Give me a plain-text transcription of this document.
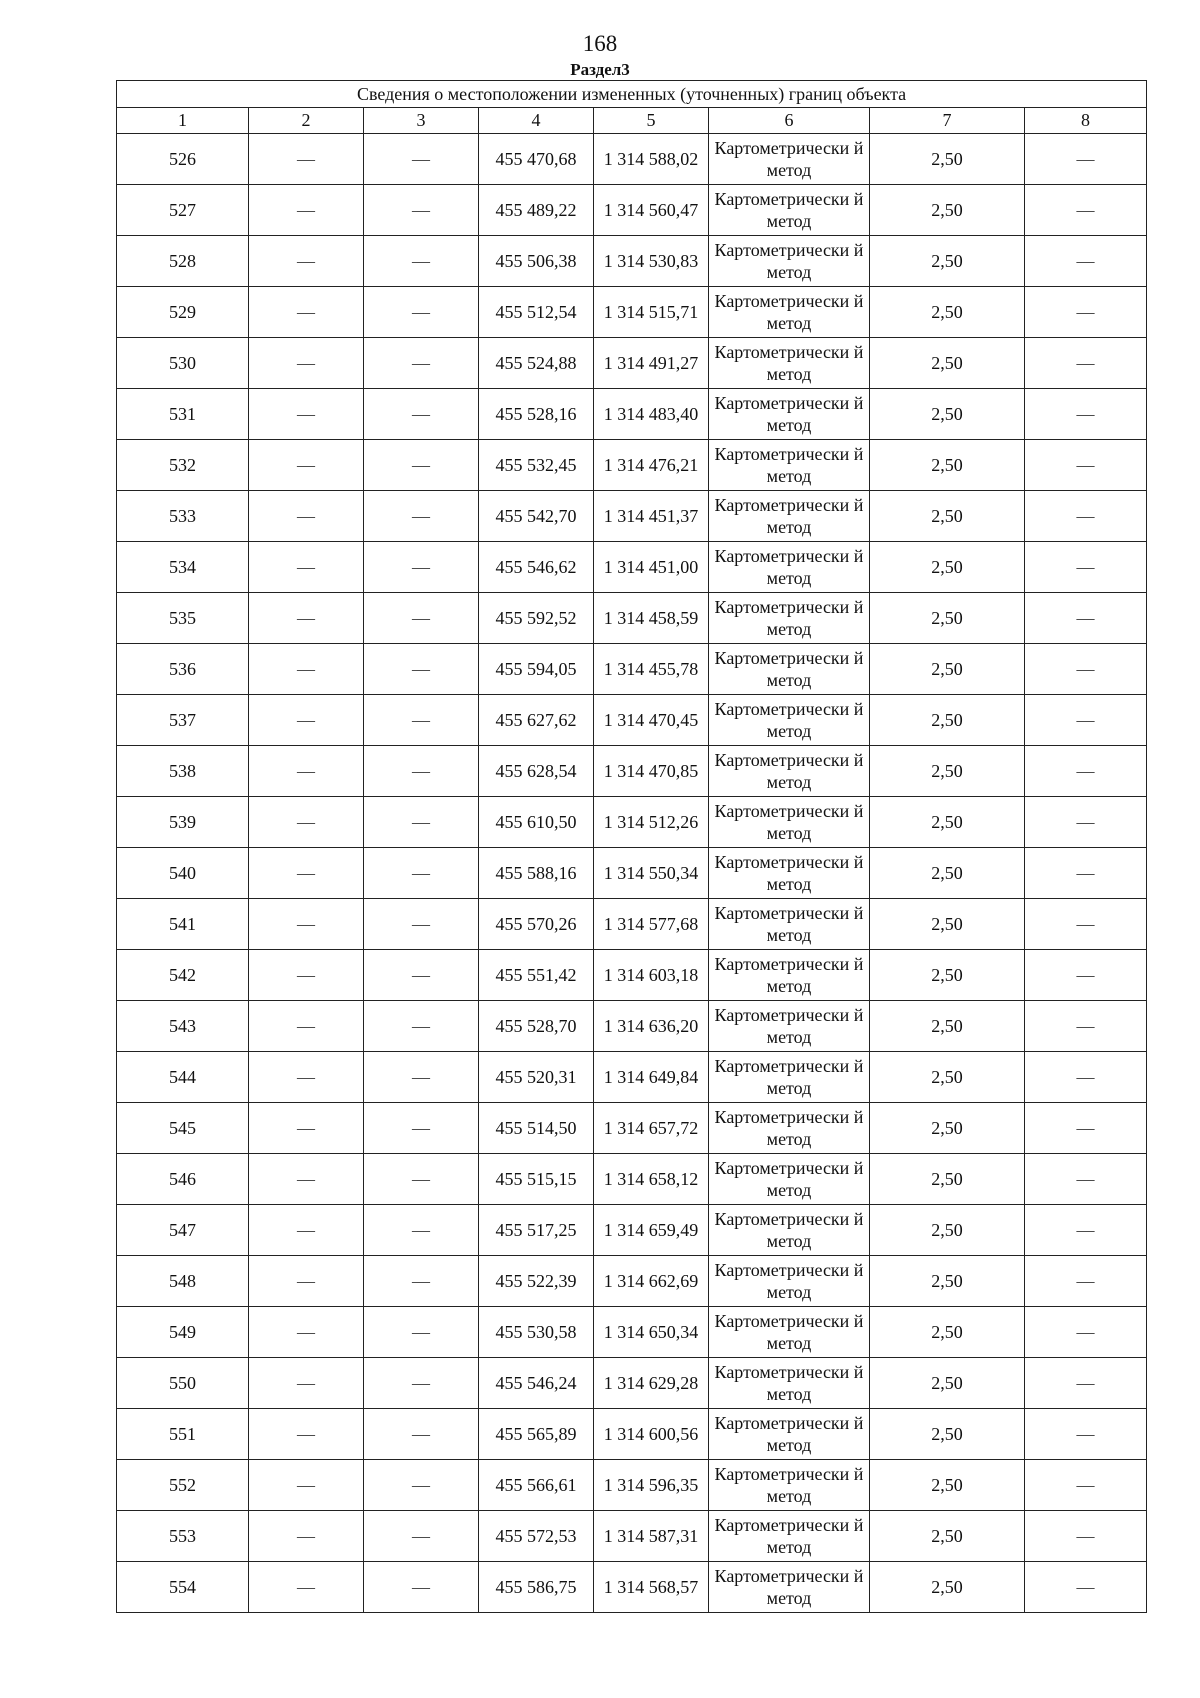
168
Раздел3
Сведения о местоположении измененных (уточненных) границ объекта							
1	2	3	4	5	6	7	8
526	—	—	455 470,68	1 314 588,02	Картометрически й метод	2,50	—
527	—	—	455 489,22	1 314 560,47	Картометрически й метод	2,50	—
528	—	—	455 506,38	1 314 530,83	Картометрически й метод	2,50	—
529	—	—	455 512,54	1 314 515,71	Картометрически й метод	2,50	—
530	—	—	455 524,88	1 314 491,27	Картометрически й метод	2,50	—
531	—	—	455 528,16	1 314 483,40	Картометрически й метод	2,50	—
532	—	—	455 532,45	1 314 476,21	Картометрически й метод	2,50	—
533	—	—	455 542,70	1 314 451,37	Картометрически й метод	2,50	—
534	—	—	455 546,62	1 314 451,00	Картометрически й метод	2,50	—
535	—	—	455 592,52	1 314 458,59	Картометрически й метод	2,50	—
536	—	—	455 594,05	1 314 455,78	Картометрически й метод	2,50	—
537	—	—	455 627,62	1 314 470,45	Картометрически й метод	2,50	—
538	—	—	455 628,54	1 314 470,85	Картометрически й метод	2,50	—
539	—	—	455 610,50	1 314 512,26	Картометрически й метод	2,50	—
540	—	—	455 588,16	1 314 550,34	Картометрически й метод	2,50	—
541	—	—	455 570,26	1 314 577,68	Картометрически й метод	2,50	—
542	—	—	455 551,42	1 314 603,18	Картометрически й метод	2,50	—
543	—	—	455 528,70	1 314 636,20	Картометрически й метод	2,50	—
544	—	—	455 520,31	1 314 649,84	Картометрически й метод	2,50	—
545	—	—	455 514,50	1 314 657,72	Картометрически й метод	2,50	—
546	—	—	455 515,15	1 314 658,12	Картометрически й метод	2,50	—
547	—	—	455 517,25	1 314 659,49	Картометрически й метод	2,50	—
548	—	—	455 522,39	1 314 662,69	Картометрически й метод	2,50	—
549	—	—	455 530,58	1 314 650,34	Картометрически й метод	2,50	—
550	—	—	455 546,24	1 314 629,28	Картометрически й метод	2,50	—
551	—	—	455 565,89	1 314 600,56	Картометрически й метод	2,50	—
552	—	—	455 566,61	1 314 596,35	Картометрически й метод	2,50	—
553	—	—	455 572,53	1 314 587,31	Картометрически й метод	2,50	—
554	—	—	455 586,75	1 314 568,57	Картометрически й метод	2,50	—
